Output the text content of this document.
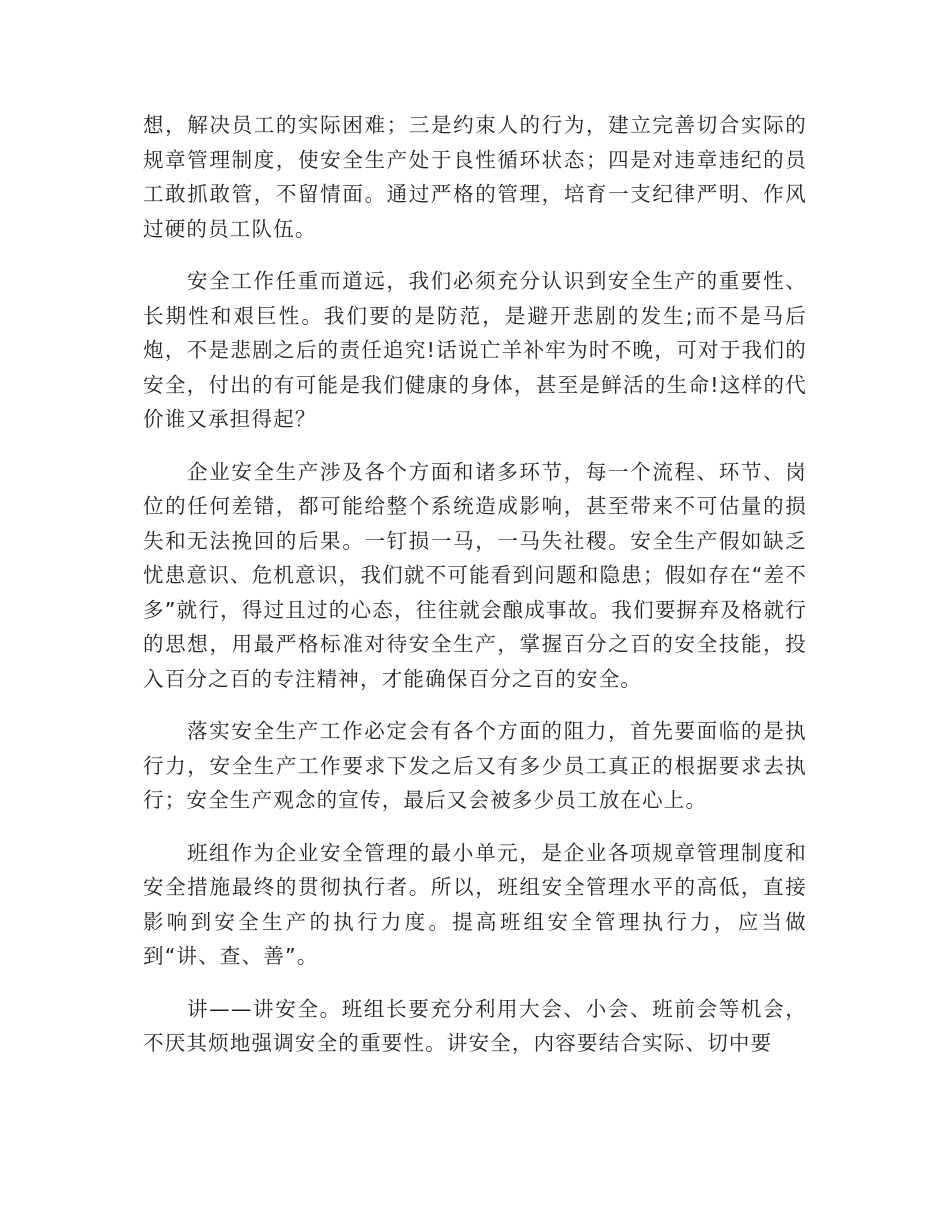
想，解决员工的实际困难；三是约束人的行为，建立完善切合实际的规章管理制度，使安全生产处于良性循环状态；四是对违章违纪的员工敢抓敢管，不留情面。通过严格的管理，培育一支纪律严明、作风过硬的员工队伍。

安全工作任重而道远，我们必须充分认识到安全生产的重要性、长期性和艰巨性。我们要的是防范，是避开悲剧的发生;而不是马后炮，不是悲剧之后的责任追究!话说亡羊补牢为时不晚，可对于我们的安全，付出的有可能是我们健康的身体，甚至是鲜活的生命!这样的代价谁又承担得起？

企业安全生产涉及各个方面和诸多环节，每一个流程、环节、岗位的任何差错，都可能给整个系统造成影响，甚至带来不可估量的损失和无法挽回的后果。一钉损一马，一马失社稷。安全生产假如缺乏忧患意识、危机意识，我们就不可能看到问题和隐患；假如存在“差不多”就行，得过且过的心态，往往就会酿成事故。我们要摒弃及格就行的思想，用最严格标准对待安全生产，掌握百分之百的安全技能，投入百分之百的专注精神，才能确保百分之百的安全。

落实安全生产工作必定会有各个方面的阻力，首先要面临的是执行力，安全生产工作要求下发之后又有多少员工真正的根据要求去执行；安全生产观念的宣传，最后又会被多少员工放在心上。

班组作为企业安全管理的最小单元，是企业各项规章管理制度和安全措施最终的贯彻执行者。所以，班组安全管理水平的高低，直接影响到安全生产的执行力度。提高班组安全管理执行力，应当做到“讲、查、善”。

讲——讲安全。班组长要充分利用大会、小会、班前会等机会，不厌其烦地强调安全的重要性。讲安全，内容要结合实际、切中要
